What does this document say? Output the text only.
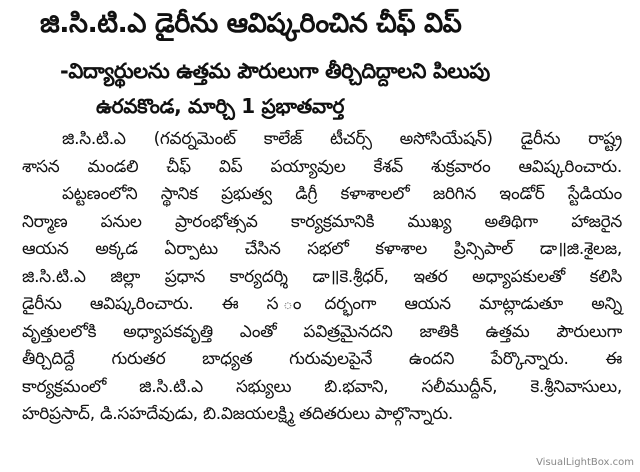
జి.సి.టి.ఎ డైరీను ఆవిష్కరించిన చీఫ్ విప్
-విద్యార్థులను ఉత్తమ పౌరులుగా తీర్చిదిద్దాలని పిలుపు
ఉరవకొండ, మార్చి 1 ప్రభాతవార్త
జి.సి.టి.ఎ (గవర్నమెంట్ కాలేజ్ టీచర్స్ అసోసియేషన్) డైరీను రాష్ట్ర
శాసన మండలి చీఫ్ విప్ పయ్యావుల కేశవ్ శుక్రవారం ఆవిష్కరించారు.
పట్టణంలోని స్థానిక ప్రభుత్వ డిగ్రీ కళాశాలలో జరిగిన ఇండోర్ స్టేడియం
నిర్మాణ పనుల ప్రారంభోత్సవ కార్యక్రమానికి ముఖ్య అతిథిగా హాజరైన
ఆయన అక్కడ ఏర్పాటు చేసిన సభలో కళాశాల ప్రిన్సిపాల్ డా॥జి.శైలజ,
జి.సి.టి.ఎ జిల్లా ప్రధాన కార్యదర్శి డా॥కె.శ్రీధర్, ఇతర అధ్యాపకులతో కలిసి
డైరీను ఆవిష్కరించారు. ఈ స ందర్భంగా ఆయన మాట్లాడుతూ అన్ని
వృత్తులలోకి అధ్యాపకవృత్తి ఎంతో పవిత్రమైనదని జాతికి ఉత్తమ పౌరులుగా
తీర్చిదిద్దే గురుతర బాధ్యత గురువులపైనే ఉందని పేర్కొన్నారు. ఈ
కార్యక్రమంలో జి.సి.టి.ఎ సభ్యులు బి.భవాని, సలీముద్దీన్, కె.శ్రీనివాసులు,
హరిప్రసాద్, డి.సహదేవుడు, బి.విజయలక్ష్మి తదితరులు పాల్గొన్నారు.
VisualLightBox.com
